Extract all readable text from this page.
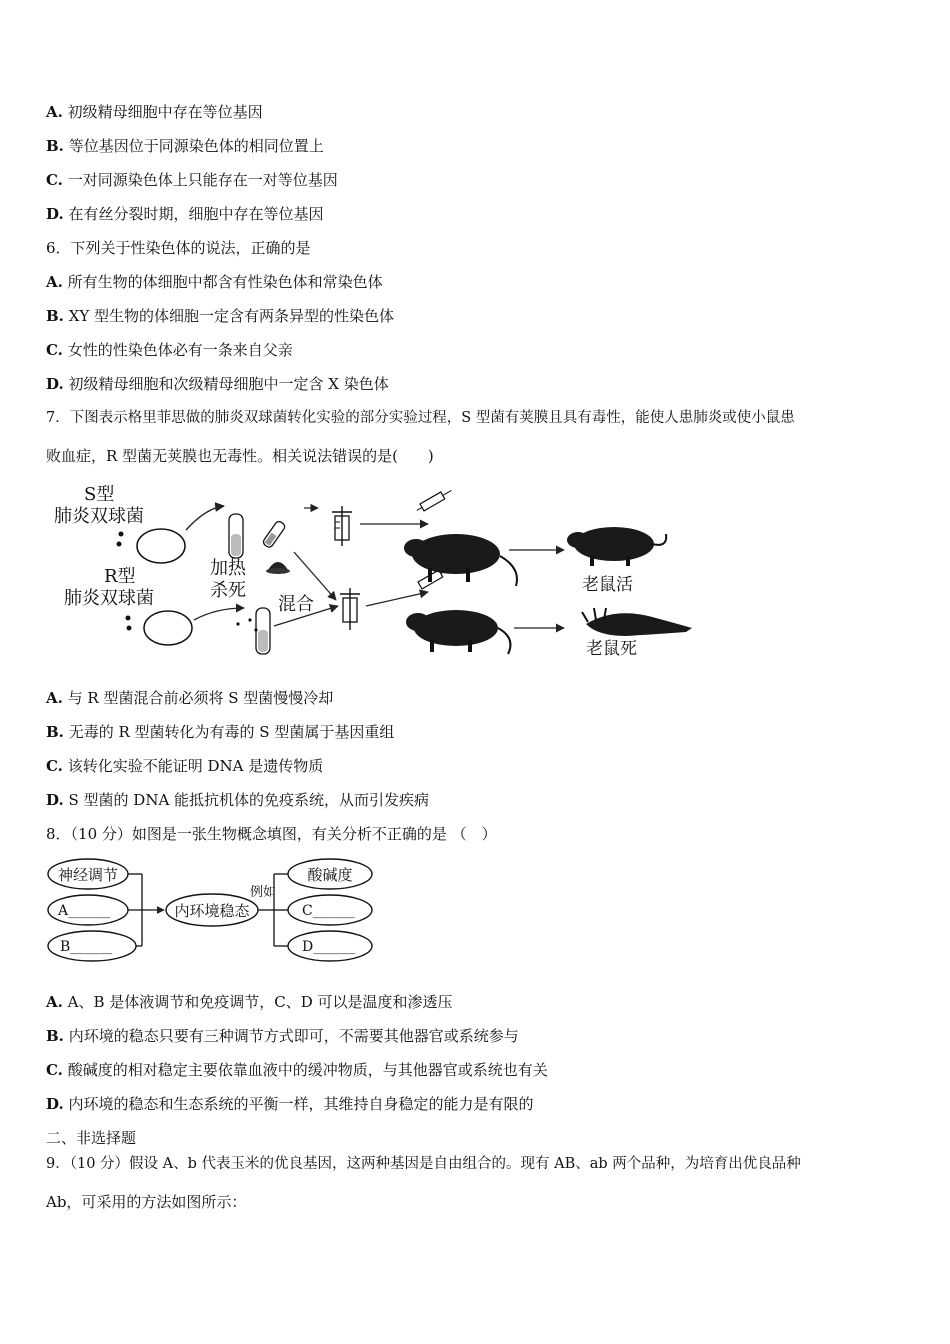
A. 初级精母细胞中存在等位基因
B. 等位基因位于同源染色体的相同位置上
C. 一对同源染色体上只能存在一对等位基因
D. 在有丝分裂时期，细胞中存在等位基因
6．下列关于性染色体的说法，正确的是
A. 所有生物的体细胞中都含有性染色体和常染色体
B. XY 型生物的体细胞一定含有两条异型的性染色体
C. 女性的性染色体必有一条来自父亲
D. 初级精母细胞和次级精母细胞中一定含 X 染色体
7．下图表示格里菲思做的肺炎双球菌转化实验的部分实验过程，S 型菌有荚膜且具有毒性，能使人患肺炎或使小鼠患
败血症，R 型菌无荚膜也无毒性。相关说法错误的是(　　)
S型
肺炎双球菌
老鼠活
R型
肺炎双球菌
加热
杀死
混合
老鼠死
A. 与 R 型菌混合前必须将 S 型菌慢慢冷却
B. 无毒的 R 型菌转化为有毒的 S 型菌属于基因重组
C. 该转化实验不能证明 DNA 是遗传物质
D. S 型菌的 DNA 能抵抗机体的免疫系统，从而引发疾病
8．（10 分）如图是一张生物概念填图，有关分析不正确的是 （　）
神经调节
A______
B______
内环境稳态
例如
酸碱度
C______
D______
A. A、B 是体液调节和免疫调节，C、D 可以是温度和渗透压
B. 内环境的稳态只要有三种调节方式即可，不需要其他器官或系统参与
C. 酸碱度的相对稳定主要依靠血液中的缓冲物质，与其他器官或系统也有关
D. 内环境的稳态和生态系统的平衡一样，其维持自身稳定的能力是有限的
二、非选择题
9．（10 分）假设 A、b 代表玉米的优良基因，这两种基因是自由组合的。现有 AB、ab 两个品种，为培育出优良品种
Ab，可采用的方法如图所示：
